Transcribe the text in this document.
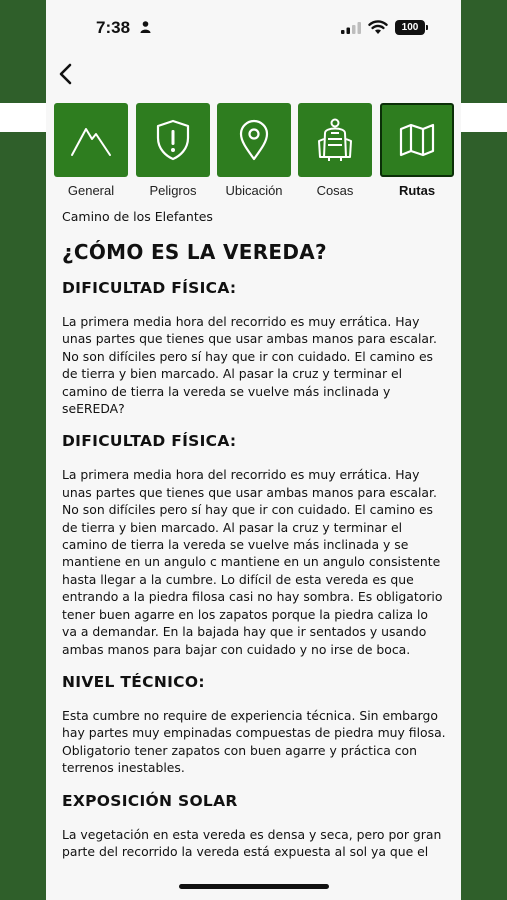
7:38	100
General	Peligros	Ubicación	Cosas	Rutas
Camino de los Elefantes
¿CÓMO ES LA VEREDA?
DIFICULTAD FÍSICA:
La primera media hora del recorrido es muy errática. Hay unas partes que tienes que usar ambas manos para escalar. No son difíciles pero sí hay que ir con cuidado. El camino es de tierra y bien marcado. Al pasar la cruz y terminar el camino de tierra la vereda se vuelve más inclinada y seEREDA?
DIFICULTAD FÍSICA:
La primera media hora del recorrido es muy errática. Hay unas partes que tienes que usar ambas manos para escalar. No son difíciles pero sí hay que ir con cuidado. El camino es de tierra y bien marcado. Al pasar la cruz y terminar el camino de tierra la vereda se vuelve más inclinada y se mantiene en un angulo c mantiene en un angulo consistente hasta llegar a la cumbre. Lo difícil de esta vereda es que entrando a la piedra filosa casi no hay sombra. Es obligatorio tener buen agarre en los zapatos porque la piedra caliza lo va a demandar. En la bajada hay que ir sentados y usando ambas manos para bajar con cuidado y no irse de boca.
NIVEL TÉCNICO:
Esta cumbre no require de experiencia técnica. Sin embargo hay partes muy empinadas compuestas de piedra muy filosa. Obligatorio tener zapatos con buen agarre y práctica con terrenos inestables.
EXPOSICIÓN SOLAR
La vegetación en esta vereda es densa y seca, pero por gran parte del recorrido la vereda está expuesta al sol ya que el
